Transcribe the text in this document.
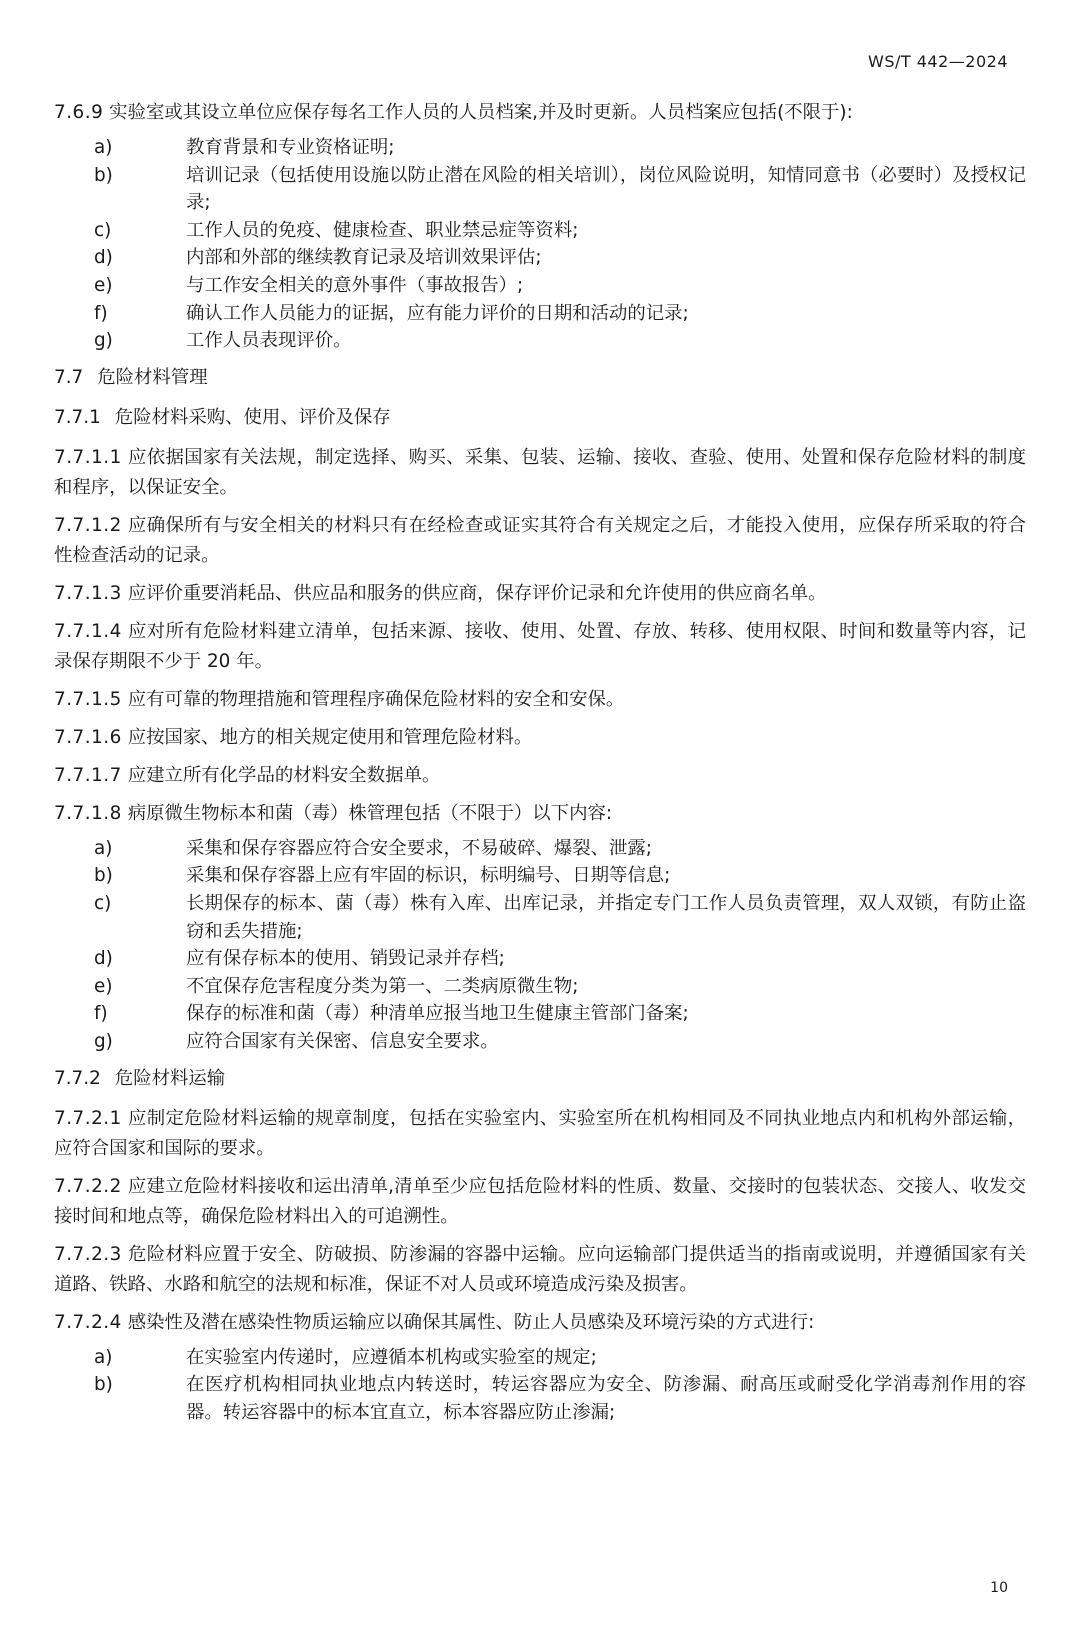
WS/T 442—2024
7.6.9 实验室或其设立单位应保存每名工作人员的人员档案,并及时更新。人员档案应包括(不限于):
a)	教育背景和专业资格证明;
b)	培训记录（包括使用设施以防止潜在风险的相关培训），岗位风险说明，知情同意书（必要时）及授权记录;
c)	工作人员的免疫、健康检查、职业禁忌症等资料;
d)	内部和外部的继续教育记录及培训效果评估;
e)	与工作安全相关的意外事件（事故报告）;
f)	确认工作人员能力的证据，应有能力评价的日期和活动的记录;
g)	工作人员表现评价。
7.7 危险材料管理
7.7.1 危险材料采购、使用、评价及保存
7.7.1.1 应依据国家有关法规，制定选择、购买、采集、包装、运输、接收、查验、使用、处置和保存危险材料的制度和程序，以保证安全。
7.7.1.2 应确保所有与安全相关的材料只有在经检查或证实其符合有关规定之后，才能投入使用，应保存所采取的符合性检查活动的记录。
7.7.1.3 应评价重要消耗品、供应品和服务的供应商，保存评价记录和允许使用的供应商名单。
7.7.1.4 应对所有危险材料建立清单，包括来源、接收、使用、处置、存放、转移、使用权限、时间和数量等内容，记录保存期限不少于 20 年。
7.7.1.5 应有可靠的物理措施和管理程序确保危险材料的安全和安保。
7.7.1.6 应按国家、地方的相关规定使用和管理危险材料。
7.7.1.7 应建立所有化学品的材料安全数据单。
7.7.1.8 病原微生物标本和菌（毒）株管理包括（不限于）以下内容:
a)	采集和保存容器应符合安全要求，不易破碎、爆裂、泄露;
b)	采集和保存容器上应有牢固的标识，标明编号、日期等信息;
c)	长期保存的标本、菌（毒）株有入库、出库记录，并指定专门工作人员负责管理，双人双锁，有防止盗窃和丢失措施;
d)	应有保存标本的使用、销毁记录并存档;
e)	不宜保存危害程度分类为第一、二类病原微生物;
f)	保存的标准和菌（毒）种清单应报当地卫生健康主管部门备案;
g)	应符合国家有关保密、信息安全要求。
7.7.2 危险材料运输
7.7.2.1 应制定危险材料运输的规章制度，包括在实验室内、实验室所在机构相同及不同执业地点内和机构外部运输，应符合国家和国际的要求。
7.7.2.2 应建立危险材料接收和运出清单,清单至少应包括危险材料的性质、数量、交接时的包装状态、交接人、收发交接时间和地点等，确保危险材料出入的可追溯性。
7.7.2.3 危险材料应置于安全、防破损、防渗漏的容器中运输。应向运输部门提供适当的指南或说明，并遵循国家有关道路、铁路、水路和航空的法规和标准，保证不对人员或环境造成污染及损害。
7.7.2.4 感染性及潜在感染性物质运输应以确保其属性、防止人员感染及环境污染的方式进行:
a)	在实验室内传递时，应遵循本机构或实验室的规定;
b)	在医疗机构相同执业地点内转送时，转运容器应为安全、防渗漏、耐高压或耐受化学消毒剂作用的容器。转运容器中的标本宜直立，标本容器应防止渗漏;
10
